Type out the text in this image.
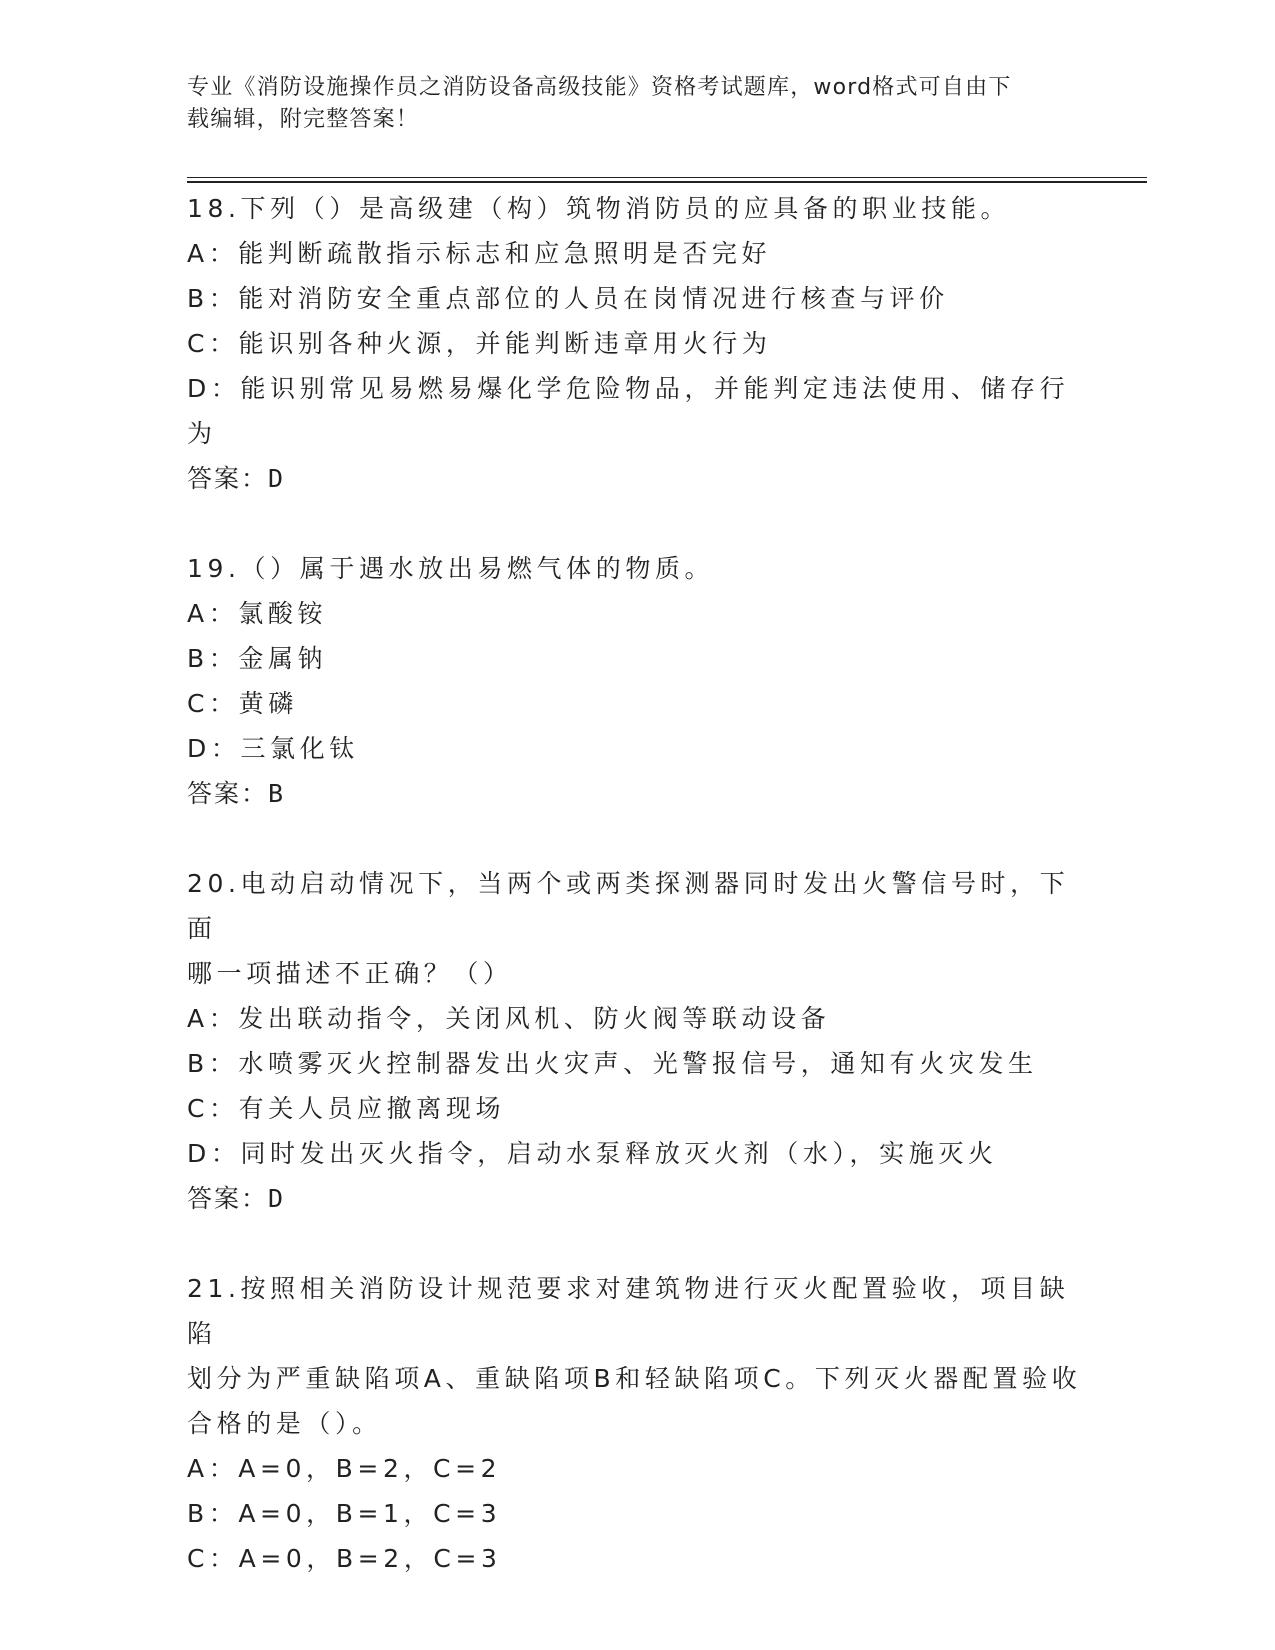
专业《消防设施操作员之消防设备高级技能》资格考试题库，word格式可自由下
载编辑，附完整答案！
18.下列（）是高级建（构）筑物消防员的应具备的职业技能。
A：能判断疏散指示标志和应急照明是否完好
B：能对消防安全重点部位的人员在岗情况进行核查与评价
C：能识别各种火源，并能判断违章用火行为
D：能识别常见易燃易爆化学危险物品，并能判定违法使用、储存行为
答案：D
19.（）属于遇水放出易燃气体的物质。
A：氯酸铵
B：金属钠
C：黄磷
D：三氯化钛
答案：B
20.电动启动情况下，当两个或两类探测器同时发出火警信号时，下面
哪一项描述不正确？（）
A：发出联动指令，关闭风机、防火阀等联动设备
B：水喷雾灭火控制器发出火灾声、光警报信号，通知有火灾发生
C：有关人员应撤离现场
D：同时发出灭火指令，启动水泵释放灭火剂（水），实施灭火
答案：D
21.按照相关消防设计规范要求对建筑物进行灭火配置验收，项目缺陷
划分为严重缺陷项A、重缺陷项B和轻缺陷项C。下列灭火器配置验收
合格的是（）。
A：A=0，B=2，C=2
B：A=0，B=1，C=3
C：A=0，B=2，C=3
